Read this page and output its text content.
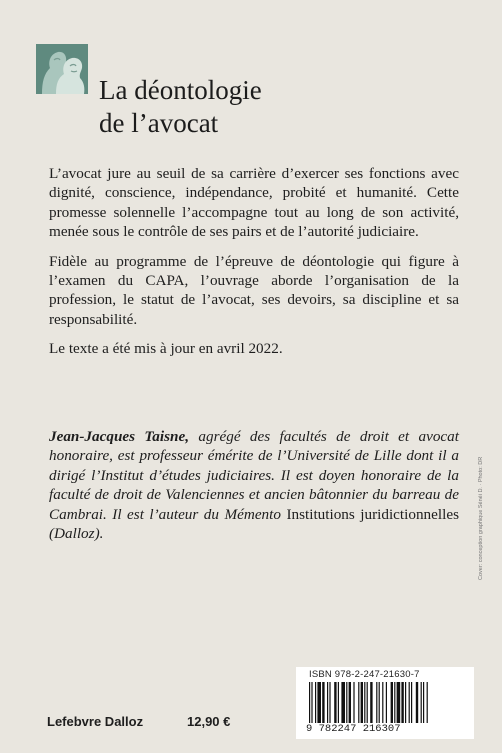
La déontologie
de l’avocat

L’avocat jure au seuil de sa carrière d’exercer ses fonctions avec dignité, conscience, indépendance, probité et humanité. Cette promesse solennelle l’accompagne tout au long de son activité, menée sous le contrôle de ses pairs et de l’autorité judiciaire.

Fidèle au programme de l’épreuve de déontologie qui figure à l’examen du CAPA, l’ouvrage aborde l’organisation de la profession, le statut de l’avocat, ses devoirs, sa discipline et sa responsabilité.

Le texte a été mis à jour en avril 2022.

Jean-Jacques Taisne, agrégé des facultés de droit et avocat honoraire, est professeur émérite de l’Université de Lille dont il a dirigé l’Institut d’études judiciaires. Il est doyen honoraire de la faculté de droit de Valenciennes et ancien bâtonnier du barreau de Cambrai. Il est l’auteur du Mémento Institutions juridictionnelles (Dalloz).	Cover: conception graphique Sénéi D. · Photo: DR
ISBN 978-2-247-21630-7
9 782247 216307
Lefebvre Dalloz	12,90 €
